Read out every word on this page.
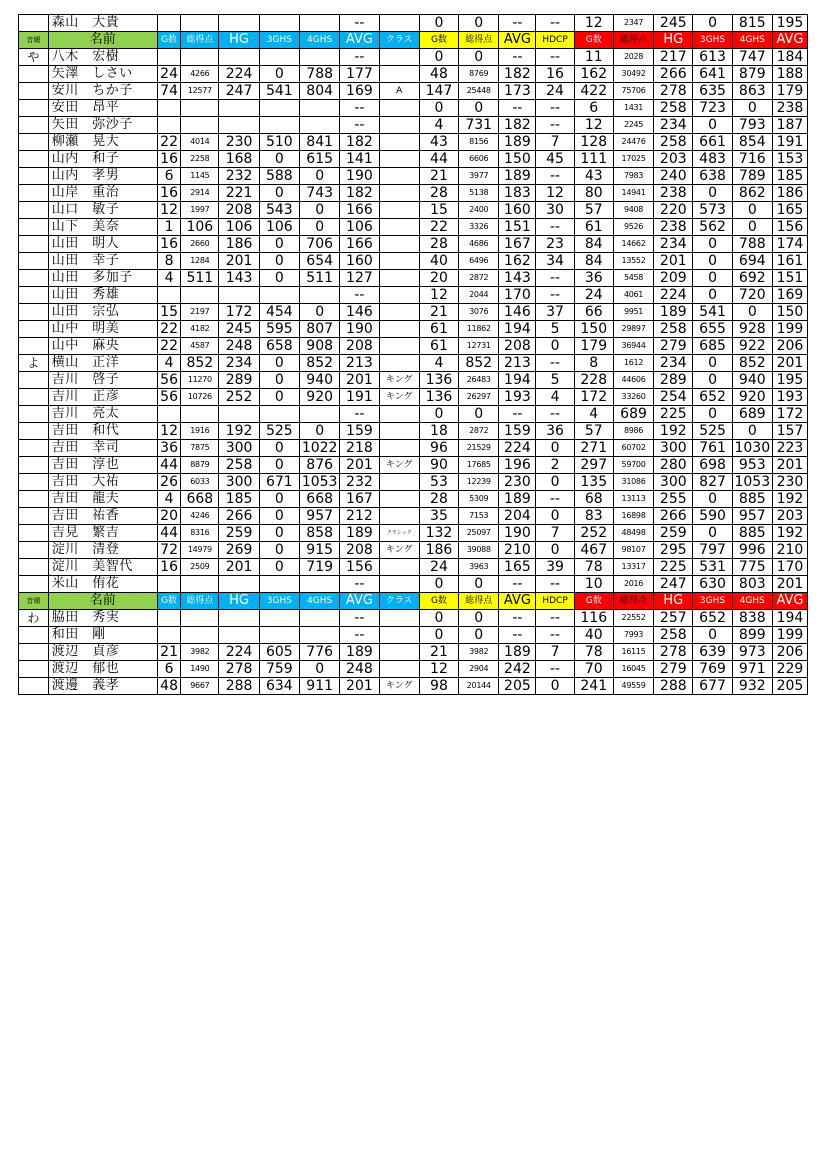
	森山　大貴						--		0	0	--	--	12	2347	245	0	815	195
音順	名前	G数	総得点	HG	3GHS	4GHS	AVG	クラス	G数	総得点	AVG	HDCP	G数	総得点	HG	3GHS	4GHS	AVG
や	八木　宏樹						--		0	0	--	--	11	2028	217	613	747	184
	矢澤　しさい	24	4266	224	0	788	177		48	8769	182	16	162	30492	266	641	879	188
	安川　ちか子	74	12577	247	541	804	169	A	147	25448	173	24	422	75706	278	635	863	179
	安田　昂平						--		0	0	--	--	6	1431	258	723	0	238
	矢田　弥沙子						--		4	731	182	--	12	2245	234	0	793	187
	柳瀬　晃大	22	4014	230	510	841	182		43	8156	189	7	128	24476	258	661	854	191
	山内　和子	16	2258	168	0	615	141		44	6606	150	45	111	17025	203	483	716	153
	山内　孝男	6	1145	232	588	0	190		21	3977	189	--	43	7983	240	638	789	185
	山岸　重治	16	2914	221	0	743	182		28	5138	183	12	80	14941	238	0	862	186
	山口　敏子	12	1997	208	543	0	166		15	2400	160	30	57	9408	220	573	0	165
	山下　美奈	1	106	106	106	0	106		22	3326	151	--	61	9526	238	562	0	156
	山田　明人	16	2660	186	0	706	166		28	4686	167	23	84	14662	234	0	788	174
	山田　幸子	8	1284	201	0	654	160		40	6496	162	34	84	13552	201	0	694	161
	山田　多加子	4	511	143	0	511	127		20	2872	143	--	36	5458	209	0	692	151
	山田　秀雄						--		12	2044	170	--	24	4061	224	0	720	169
	山田　宗弘	15	2197	172	454	0	146		21	3076	146	37	66	9951	189	541	0	150
	山中　明美	22	4182	245	595	807	190		61	11862	194	5	150	29897	258	655	928	199
	山中　麻央	22	4587	248	658	908	208		61	12731	208	0	179	36944	279	685	922	206
よ	横山　正洋	4	852	234	0	852	213		4	852	213	--	8	1612	234	0	852	201
	吉川　啓子	56	11270	289	0	940	201	キング	136	26483	194	5	228	44606	289	0	940	195
	吉川　正彦	56	10726	252	0	920	191	キング	136	26297	193	4	172	33260	254	652	920	193
	吉川　亮太						--		0	0	--	--	4	689	225	0	689	172
	吉田　和代	12	1916	192	525	0	159		18	2872	159	36	57	8986	192	525	0	157
	吉田　幸司	36	7875	300	0	1022	218		96	21529	224	0	271	60702	300	761	1030	223
	吉田　淳也	44	8879	258	0	876	201	キング	90	17685	196	2	297	59700	280	698	953	201
	吉田　大祐	26	6033	300	671	1053	232		53	12239	230	0	135	31086	300	827	1053	230
	吉田　龍夫	4	668	185	0	668	167		28	5309	189	--	68	13113	255	0	885	192
	吉田　祐香	20	4246	266	0	957	212		35	7153	204	0	83	16898	266	590	957	203
	吉見　繁吉	44	8316	259	0	858	189	クラシック	132	25097	190	7	252	48498	259	0	885	192
	淀川　清登	72	14979	269	0	915	208	キング	186	39088	210	0	467	98107	295	797	996	210
	淀川　美智代	16	2509	201	0	719	156		24	3963	165	39	78	13317	225	531	775	170
	米山　侑花						--		0	0	--	--	10	2016	247	630	803	201
音順	名前	G数	総得点	HG	3GHS	4GHS	AVG	クラス	G数	総得点	AVG	HDCP	G数	総得点	HG	3GHS	4GHS	AVG
わ	脇田　秀実						--		0	0	--	--	116	22552	257	652	838	194
	和田　剛						--		0	0	--	--	40	7993	258	0	899	199
	渡辺　貞彦	21	3982	224	605	776	189		21	3982	189	7	78	16115	278	639	973	206
	渡辺　郁也	6	1490	278	759	0	248		12	2904	242	--	70	16045	279	769	971	229
	渡邊　義孝	48	9667	288	634	911	201	キング	98	20144	205	0	241	49559	288	677	932	205
